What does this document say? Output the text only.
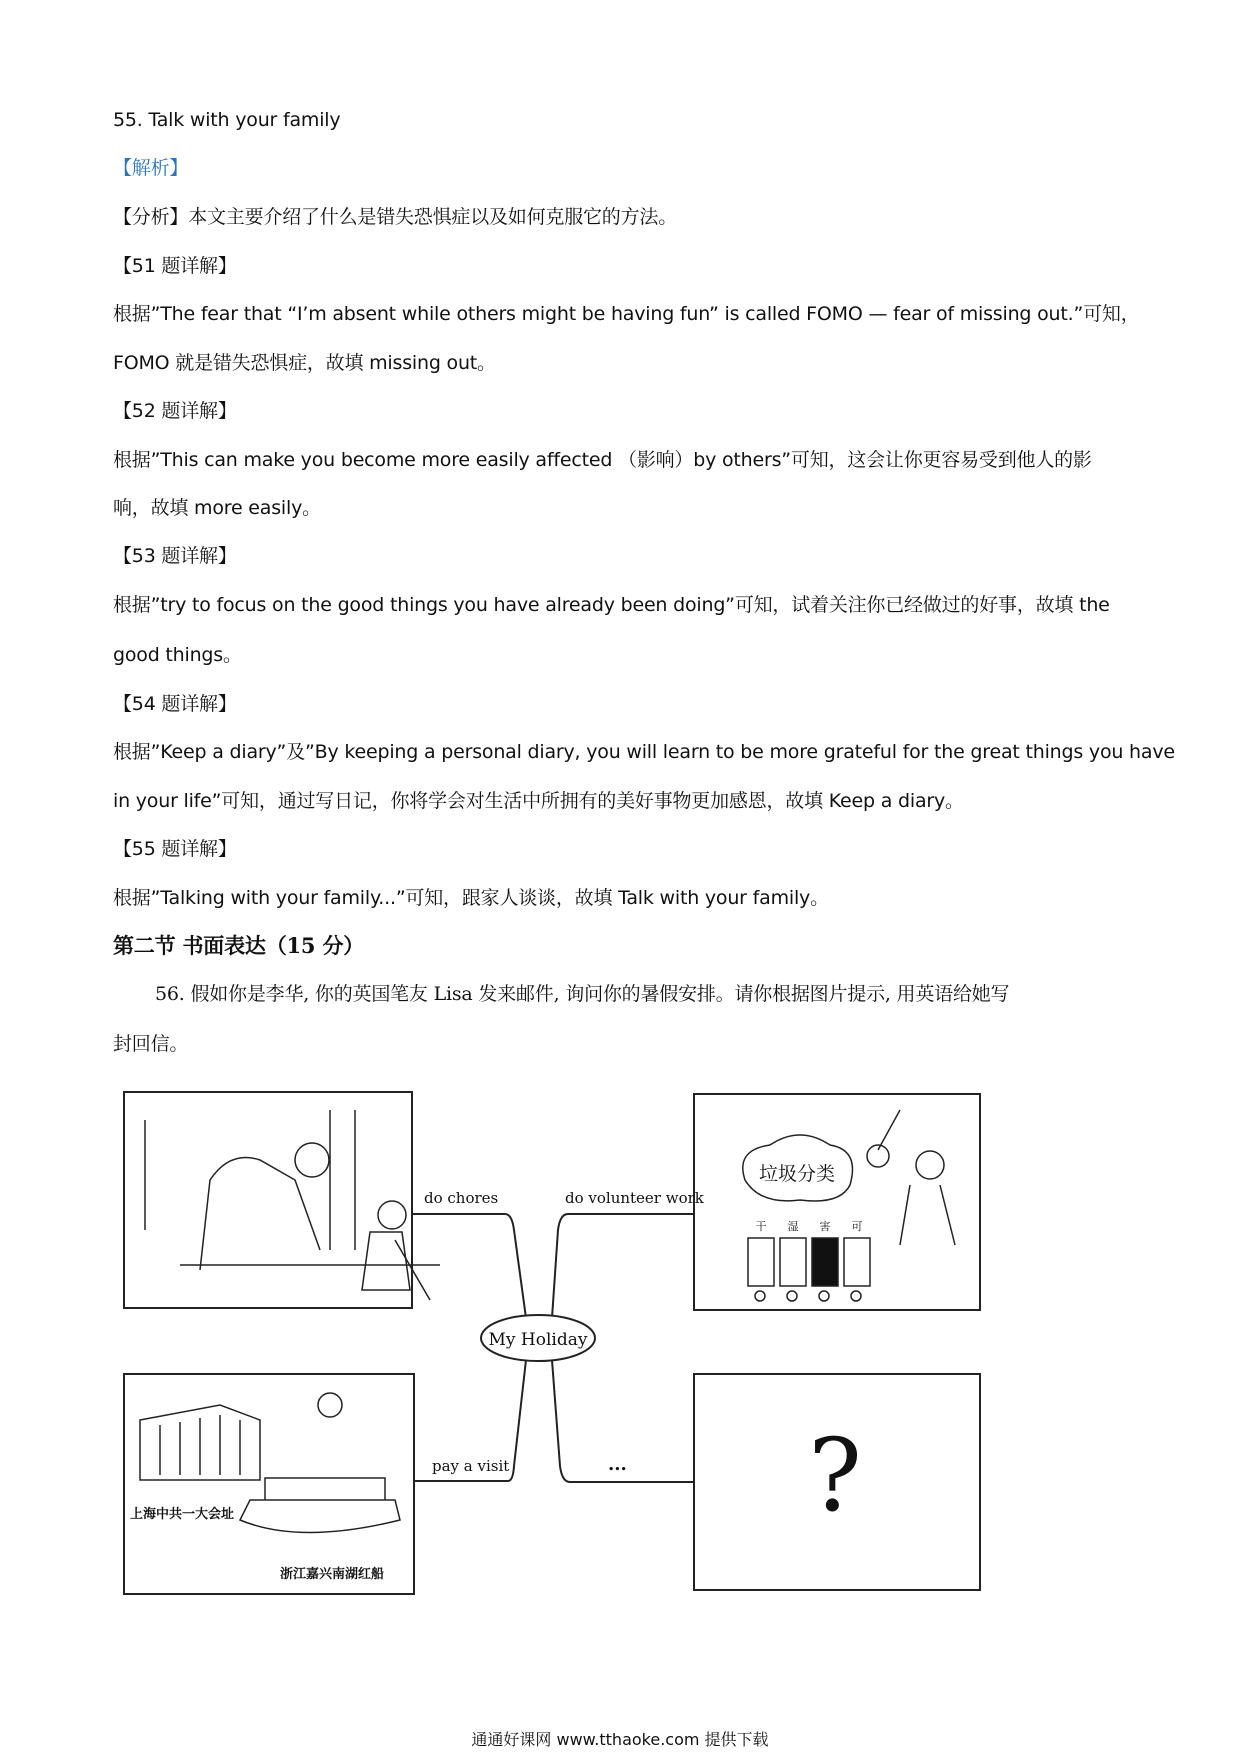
55. Talk with your family
【解析】
【分析】本文主要介绍了什么是错失恐惧症以及如何克服它的方法。
【51 题详解】
根据”The fear that “I’m absent while others might be having fun” is called FOMO — fear of missing out.”可知，
FOMO 就是错失恐惧症，故填 missing out。
【52 题详解】
根据”This can make you become more easily affected （影响）by others”可知，这会让你更容易受到他人的影
响，故填 more easily。
【53 题详解】
根据”try to focus on the good things you have already been doing”可知，试着关注你已经做过的好事，故填 the
good things。
【54 题详解】
根据”Keep a diary”及”By keeping a personal diary, you will learn to be more grateful for the great things you have
in your life”可知，通过写日记，你将学会对生活中所拥有的美好事物更加感恩，故填 Keep a diary。
【55 题详解】
根据”Talking with your family...”可知，跟家人谈谈，故填 Talk with your family。
第二节 书面表达（15 分）
56. 假如你是李华, 你的英国笔友 Lisa 发来邮件, 询问你的暑假安排。请你根据图片提示, 用英语给她写
封回信。
My Holiday
do chores	do volunteer work
pay a visit	...
垃圾分类
干 湿 害 可
上海中共一大会址
浙江嘉兴南湖红船
?
通通好课网 www.tthaoke.com 提供下载
